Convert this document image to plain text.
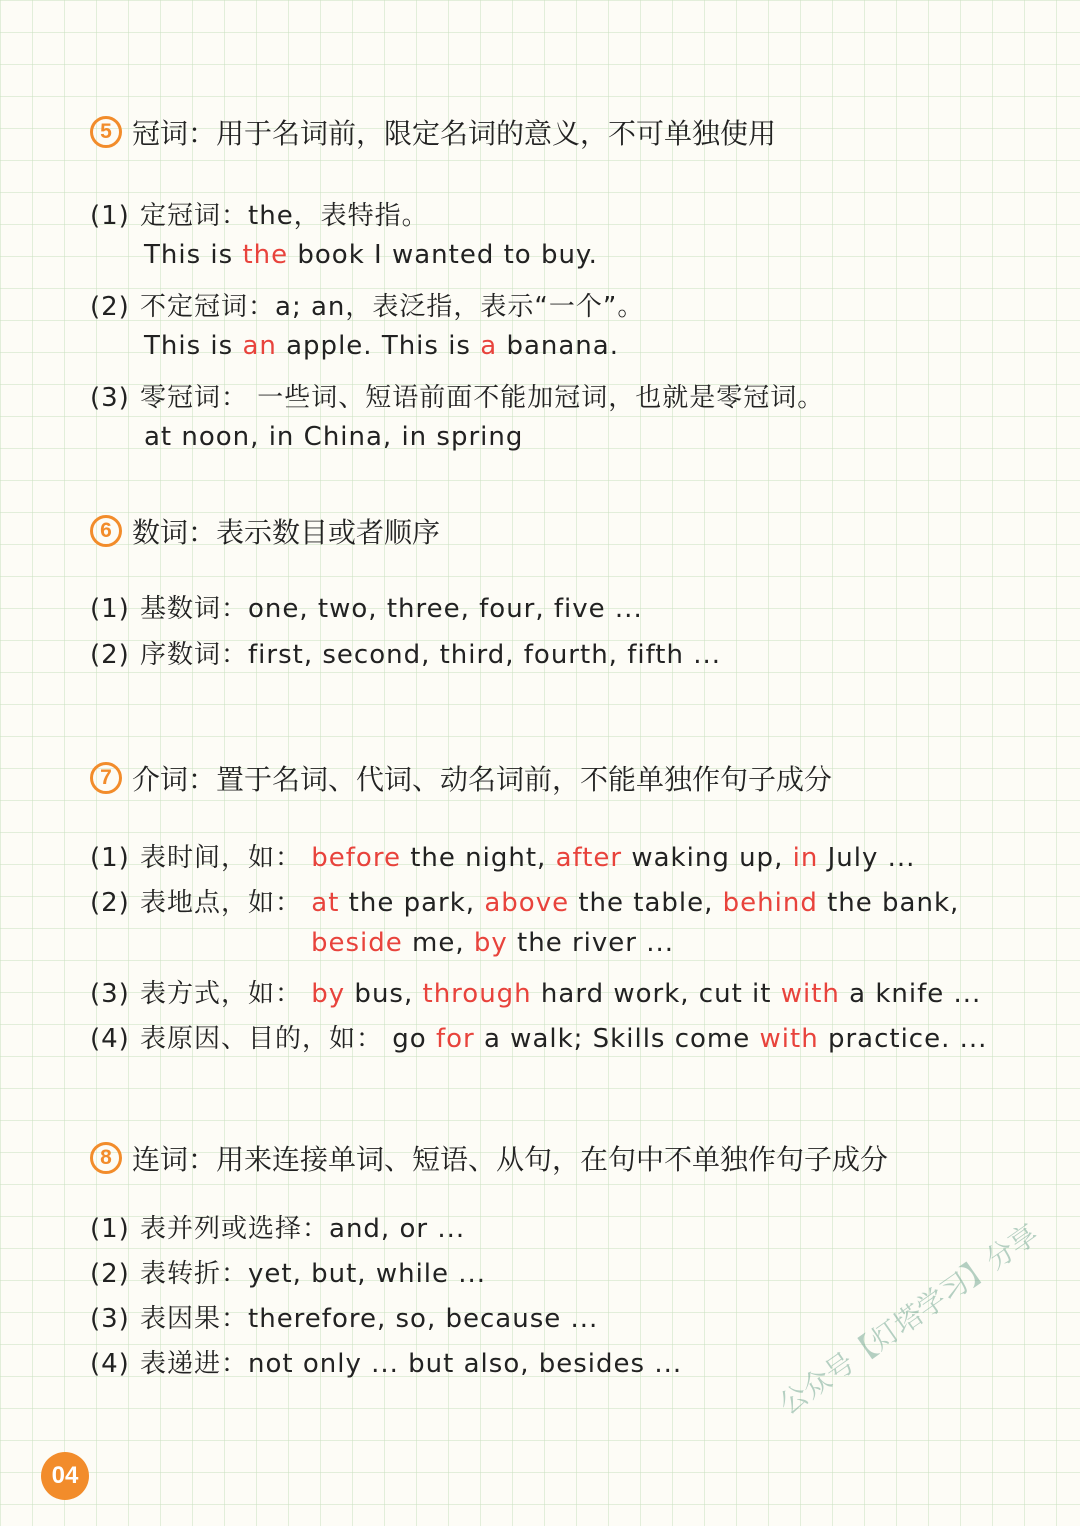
5 冠词：用于名词前，限定名词的意义，不可单独使用
(1) 定冠词：the，表特指。
This is the book I wanted to buy.
(2) 不定冠词：a; an，表泛指，表示“一个”。
This is an apple. This is a banana.
(3) 零冠词： 一些词、短语前面不能加冠词，也就是零冠词。
at noon, in China, in spring
6 数词：表示数目或者顺序
(1) 基数词：one, two, three, four, five ...
(2) 序数词：first, second, third, fourth, fifth ...
7 介词：置于名词、代词、动名词前，不能单独作句子成分
(1) 表时间，如： before the night, after waking up, in July ...
(2) 表地点，如： at the park, above the table, behind the bank,
beside me, by the river ...
(3) 表方式，如： by bus, through hard work, cut it with a knife ...
(4) 表原因、目的，如： go for a walk; Skills come with practice. ...
8 连词：用来连接单词、短语、从句，在句中不单独作句子成分
(1) 表并列或选择：and, or ...
(2) 表转折：yet, but, while ...
(3) 表因果：therefore, so, because ...
(4) 表递进：not only ... but also, besides ...	公众号【灯塔学习】分享
04
